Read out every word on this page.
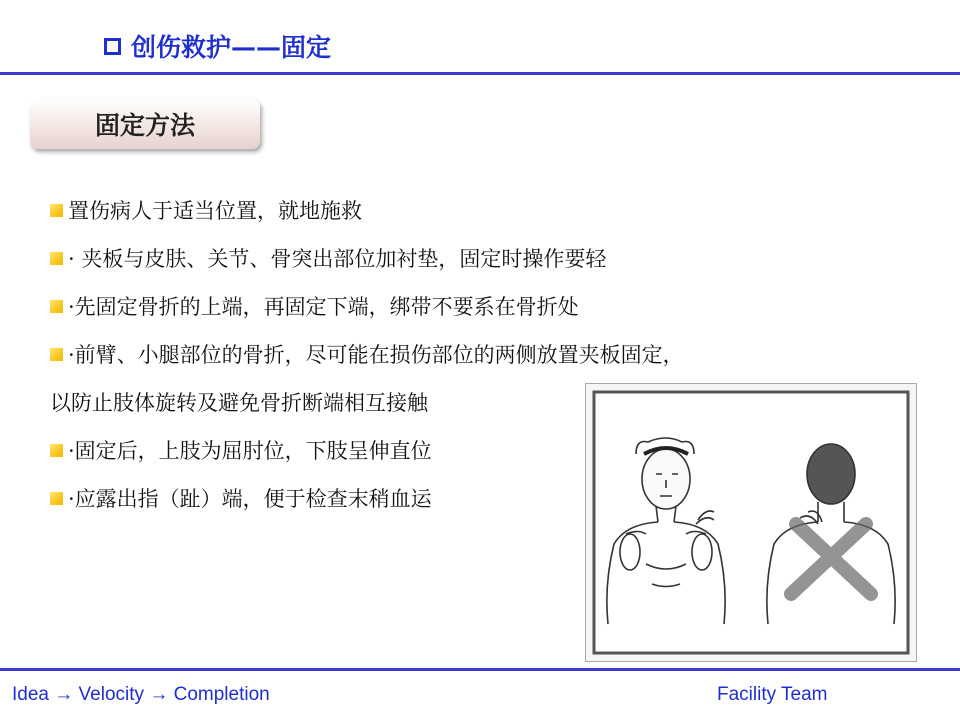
创伤救护——固定
固定方法
置伤病人于适当位置，就地施救
· 夹板与皮肤、关节、骨突出部位加衬垫，固定时操作要轻
·先固定骨折的上端，再固定下端，绑带不要系在骨折处
·前臂、小腿部位的骨折，尽可能在损伤部位的两侧放置夹板固定，
以防止肢体旋转及避免骨折断端相互接触
·固定后，上肢为屈肘位，下肢呈伸直位
·应露出指（趾）端，便于检查末稍血运
Idea → Velocity → Completion	Facility Team
